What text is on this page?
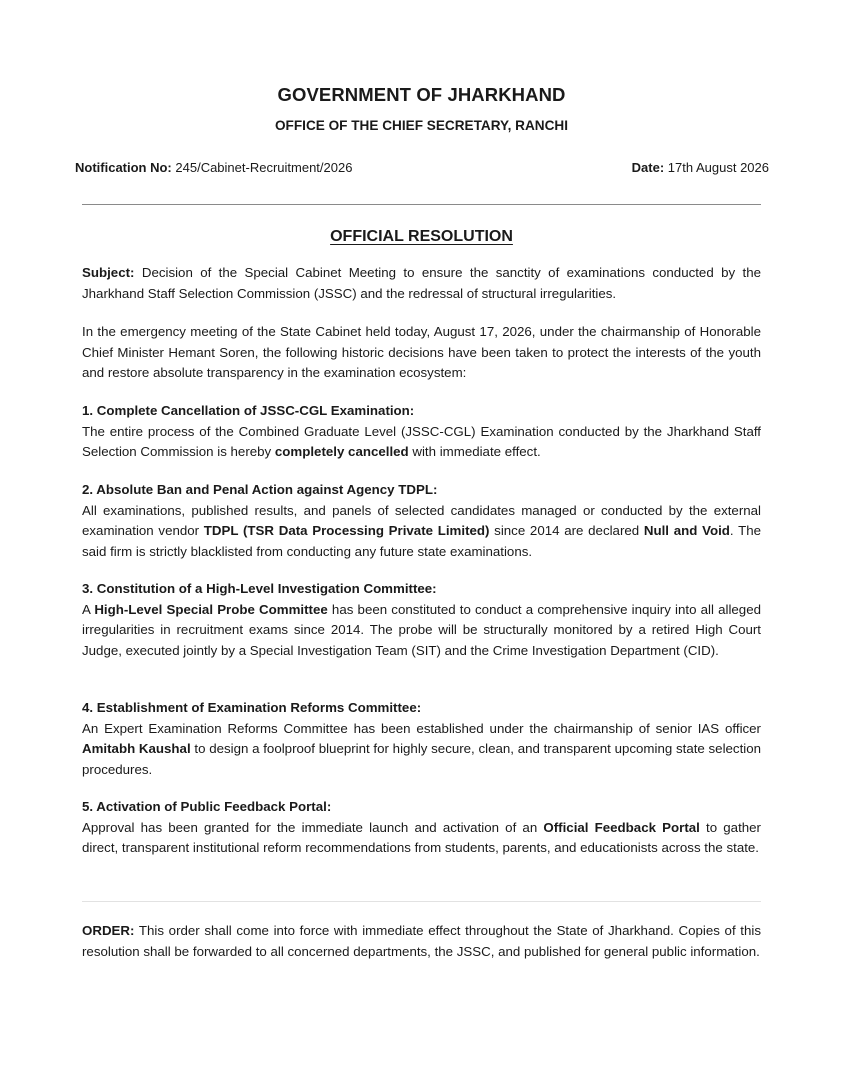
GOVERNMENT OF JHARKHAND
OFFICE OF THE CHIEF SECRETARY, RANCHI
Notification No: 245/Cabinet-Recruitment/2026	Date: 17th August 2026
OFFICIAL RESOLUTION
Subject: Decision of the Special Cabinet Meeting to ensure the sanctity of examinations conducted by the Jharkhand Staff Selection Commission (JSSC) and the redressal of structural irregularities.
In the emergency meeting of the State Cabinet held today, August 17, 2026, under the chairmanship of Honorable Chief Minister Hemant Soren, the following historic decisions have been taken to protect the interests of the youth and restore absolute transparency in the examination ecosystem:
1. Complete Cancellation of JSSC-CGL Examination:
The entire process of the Combined Graduate Level (JSSC-CGL) Examination conducted by the Jharkhand Staff Selection Commission is hereby completely cancelled with immediate effect.
2. Absolute Ban and Penal Action against Agency TDPL:
All examinations, published results, and panels of selected candidates managed or conducted by the external examination vendor TDPL (TSR Data Processing Private Limited) since 2014 are declared Null and Void. The said firm is strictly blacklisted from conducting any future state examinations.
3. Constitution of a High-Level Investigation Committee:
A High-Level Special Probe Committee has been constituted to conduct a comprehensive inquiry into all alleged irregularities in recruitment exams since 2014. The probe will be structurally monitored by a retired High Court Judge, executed jointly by a Special Investigation Team (SIT) and the Crime Investigation Department (CID).
4. Establishment of Examination Reforms Committee:
An Expert Examination Reforms Committee has been established under the chairmanship of senior IAS officer Amitabh Kaushal to design a foolproof blueprint for highly secure, clean, and transparent upcoming state selection procedures.
5. Activation of Public Feedback Portal:
Approval has been granted for the immediate launch and activation of an Official Feedback Portal to gather direct, transparent institutional reform recommendations from students, parents, and educationists across the state.
ORDER: This order shall come into force with immediate effect throughout the State of Jharkhand. Copies of this resolution shall be forwarded to all concerned departments, the JSSC, and published for general public information.
